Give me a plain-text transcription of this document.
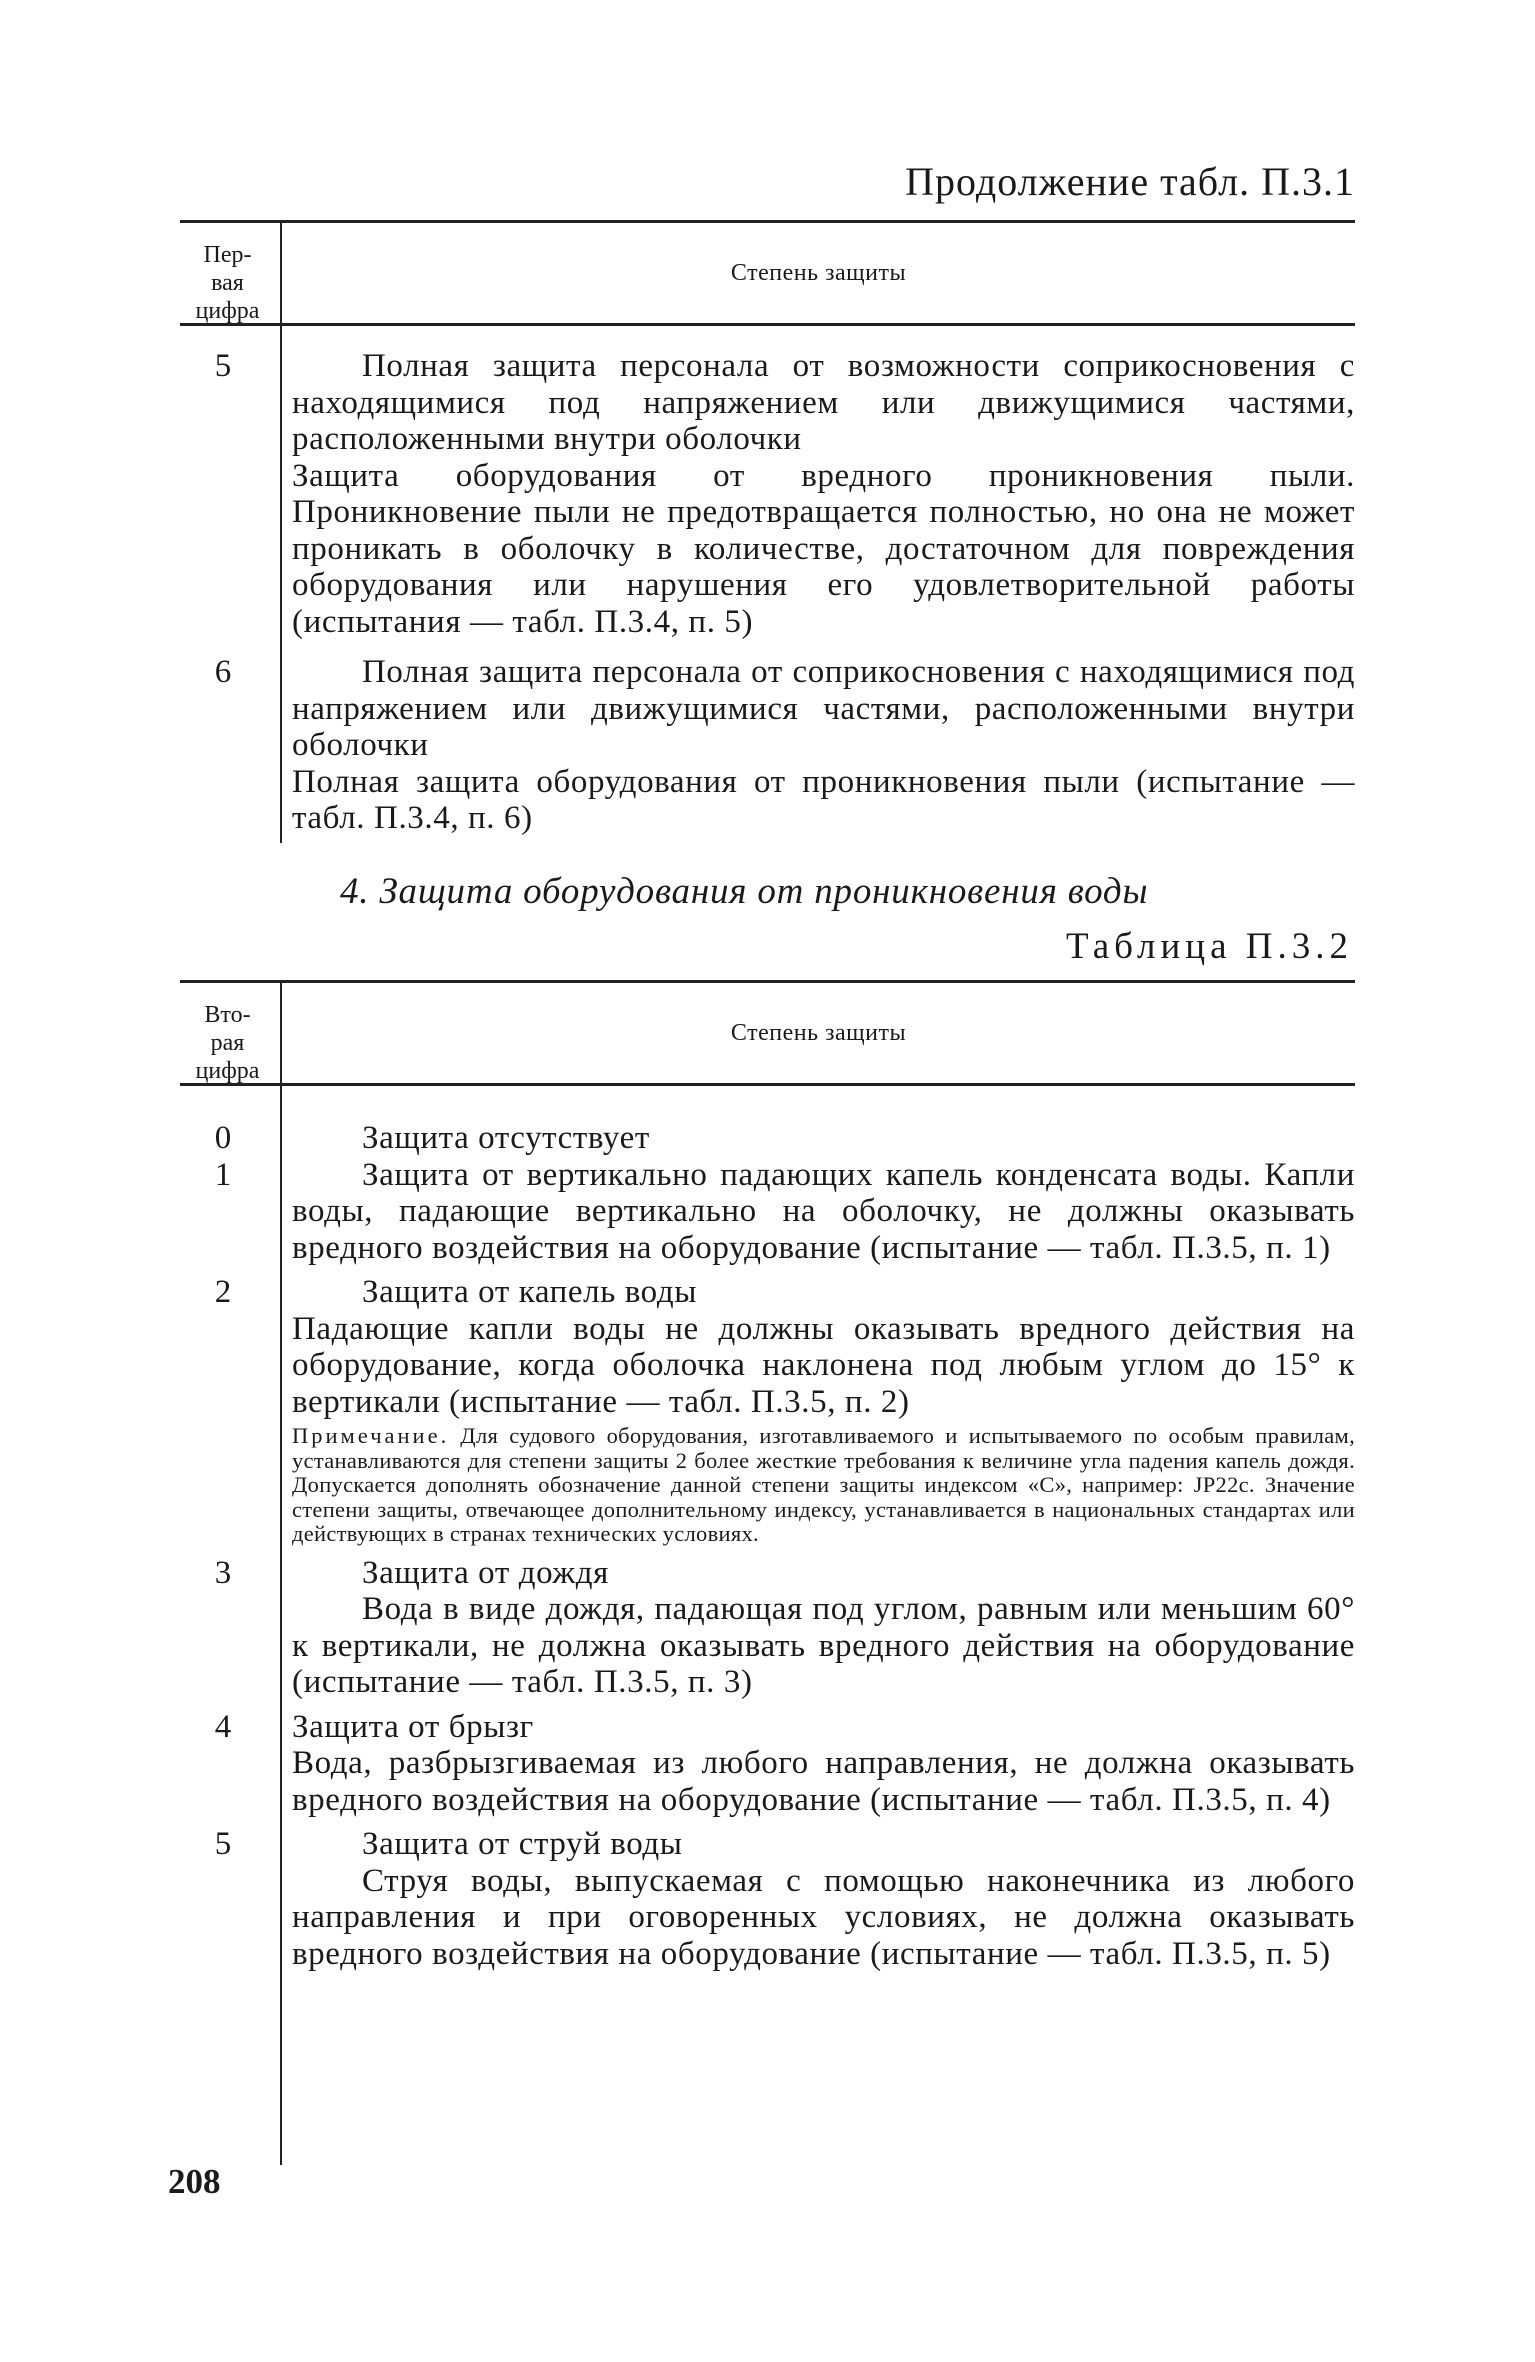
Продолжение табл. П.3.1
Пер-
вая
цифра
Степень защиты
5	Полная защита персонала от возможности соприкосновения с находящимися под напряжением или движущимися частями, расположенными внутри оболочки

Защита оборудования от вредного проникновения пыли. Проникновение пыли не предотвращается полностью, но она не может проникать в оболочку в количестве, достаточном для повреждения оборудования или нарушения его удовлетворительной работы (испытания — табл. П.3.4, п. 5)

6	Полная защита персонала от соприкосновения с находящимися под напряжением или движущимися частями, расположенными внутри оболочки

Полная защита оборудования от проникновения пыли (испытание — табл. П.3.4, п. 6)

4. Защита оборудования от проникновения воды
Таблица П.3.2
Вто-
рая
цифра
Степень защиты
0	Защита отсутствует

1	Защита от вертикально падающих капель конденсата воды. Капли воды, падающие вертикально на оболочку, не должны оказывать вредного воздействия на оборудование (испытание — табл. П.3.5, п. 1)

2	Защита от капель воды

Падающие капли воды не должны оказывать вредного действия на оборудование, когда оболочка наклонена под любым углом до 15° к вертикали (испытание — табл. П.3.5, п. 2)

Примечание. Для судового оборудования, изготавливаемого и испытываемого по особым правилам, устанавливаются для степени защиты 2 более жесткие требования к величине угла падения капель дождя. Допускается дополнять обозначение данной степени защиты индексом «С», например: JP22c. Значение степени защиты, отвечающее дополнительному индексу, устанавливается в национальных стандартах или действующих в странах технических условиях.

3	Защита от дождя

Вода в виде дождя, падающая под углом, равным или меньшим 60° к вертикали, не должна оказывать вредного действия на оборудование (испытание — табл. П.3.5, п. 3)

4	Защита от брызг

Вода, разбрызгиваемая из любого направления, не должна оказывать вредного воздействия на оборудование (испытание — табл. П.3.5, п. 4)

5	Защита от струй воды

Струя воды, выпускаемая с помощью наконечника из любого направления и при оговоренных условиях, не должна оказывать вредного воздействия на оборудование (испытание — табл. П.3.5, п. 5)

208
